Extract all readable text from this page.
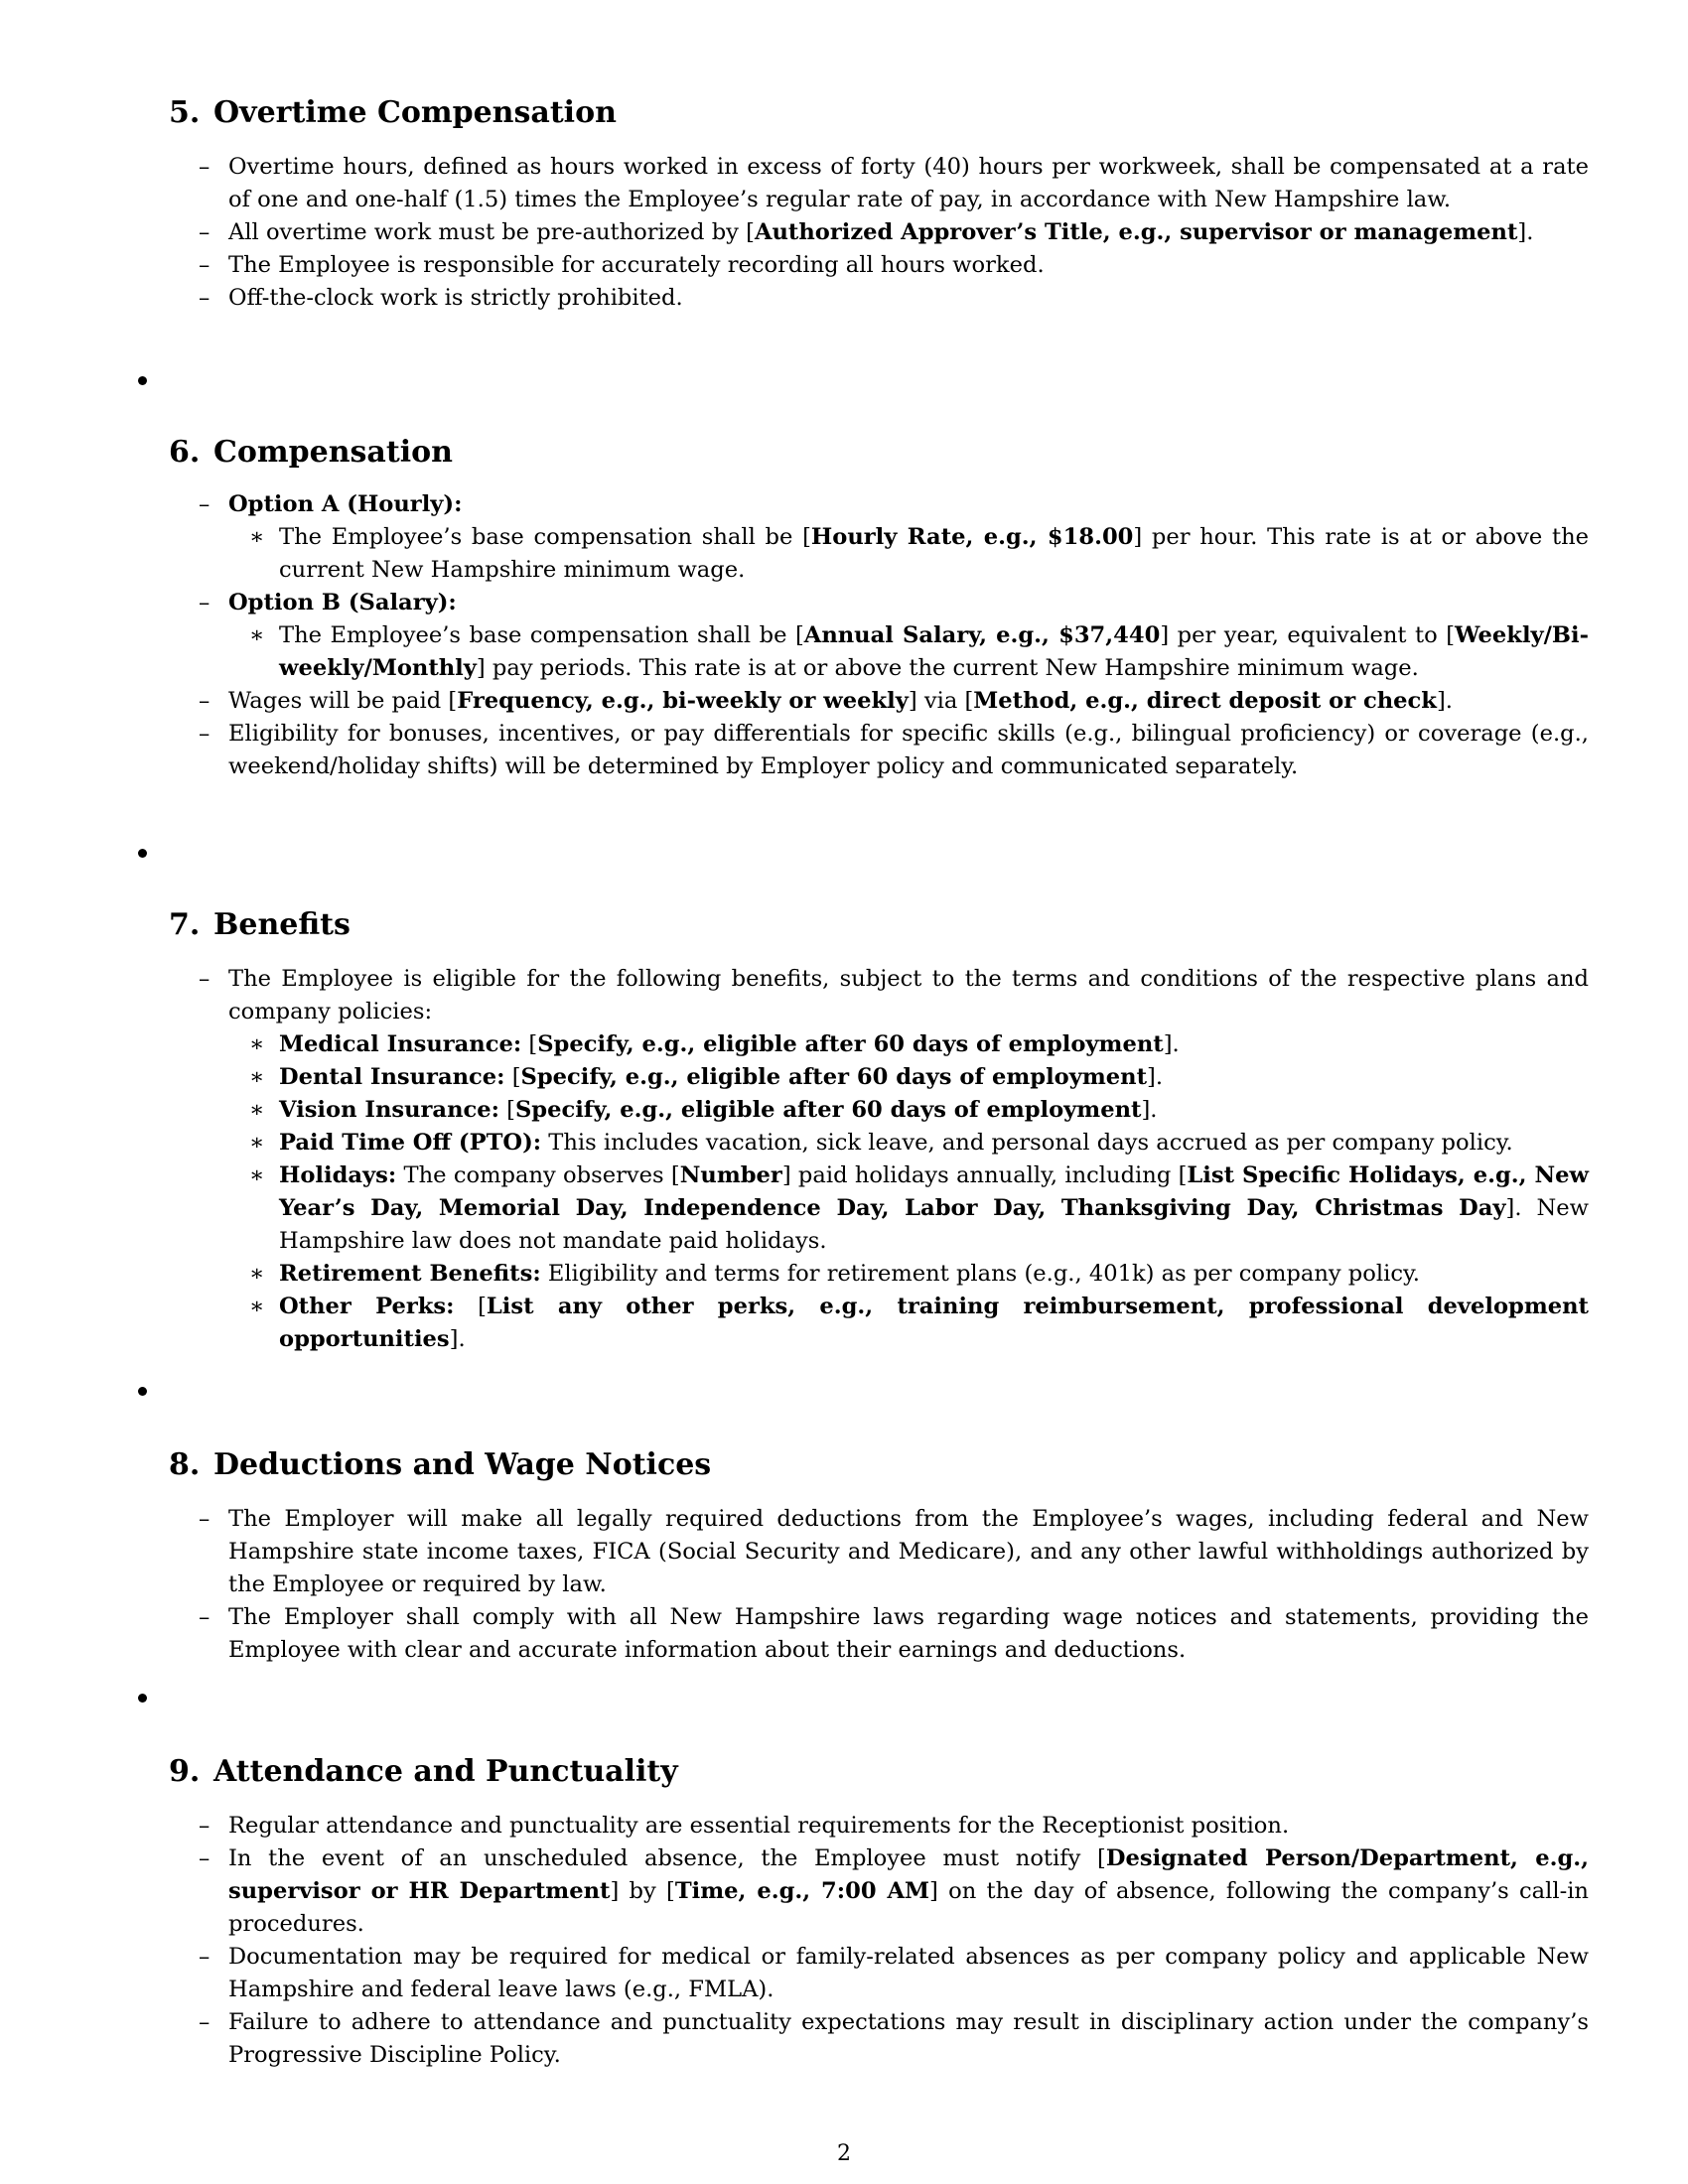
5. Overtime Compensation
– Overtime hours, defined as hours worked in excess of forty (40) hours per workweek, shall be compensated at a rate of one and one-half (1.5) times the Employee’s regular rate of pay, in accordance with New Hampshire law.
– All overtime work must be pre-authorized by [Authorized Approver’s Title, e.g., supervisor or management].
– The Employee is responsible for accurately recording all hours worked.
– Off-the-clock work is strictly prohibited.
6. Compensation
– Option A (Hourly):
∗ The Employee’s base compensation shall be [Hourly Rate, e.g., $18.00] per hour. This rate is at or above the current New Hampshire minimum wage.
– Option B (Salary):
∗ The Employee’s base compensation shall be [Annual Salary, e.g., $37,440] per year, equivalent to [Weekly/Bi-weekly/Monthly] pay periods. This rate is at or above the current New Hampshire minimum wage.
– Wages will be paid [Frequency, e.g., bi-weekly or weekly] via [Method, e.g., direct deposit or check].
– Eligibility for bonuses, incentives, or pay differentials for specific skills (e.g., bilingual proficiency) or coverage (e.g., weekend/holiday shifts) will be determined by Employer policy and communicated separately.
7. Benefits
– The Employee is eligible for the following benefits, subject to the terms and conditions of the respective plans and company policies:
∗ Medical Insurance: [Specify, e.g., eligible after 60 days of employment].
∗ Dental Insurance: [Specify, e.g., eligible after 60 days of employment].
∗ Vision Insurance: [Specify, e.g., eligible after 60 days of employment].
∗ Paid Time Off (PTO): This includes vacation, sick leave, and personal days accrued as per company policy.
∗ Holidays: The company observes [Number] paid holidays annually, including [List Specific Holidays, e.g., New Year’s Day, Memorial Day, Independence Day, Labor Day, Thanksgiving Day, Christmas Day]. New Hampshire law does not mandate paid holidays.
∗ Retirement Benefits: Eligibility and terms for retirement plans (e.g., 401k) as per company policy.
∗ Other Perks: [List any other perks, e.g., training reimbursement, professional development opportunities].
8. Deductions and Wage Notices
– The Employer will make all legally required deductions from the Employee’s wages, including federal and New Hampshire state income taxes, FICA (Social Security and Medicare), and any other lawful withholdings authorized by the Employee or required by law.
– The Employer shall comply with all New Hampshire laws regarding wage notices and statements, providing the Employee with clear and accurate information about their earnings and deductions.
9. Attendance and Punctuality
– Regular attendance and punctuality are essential requirements for the Receptionist position.
– In the event of an unscheduled absence, the Employee must notify [Designated Person/Department, e.g., supervisor or HR Department] by [Time, e.g., 7:00 AM] on the day of absence, following the company’s call-in procedures.
– Documentation may be required for medical or family-related absences as per company policy and applicable New Hampshire and federal leave laws (e.g., FMLA).
– Failure to adhere to attendance and punctuality expectations may result in disciplinary action under the company’s Progressive Discipline Policy.
2
